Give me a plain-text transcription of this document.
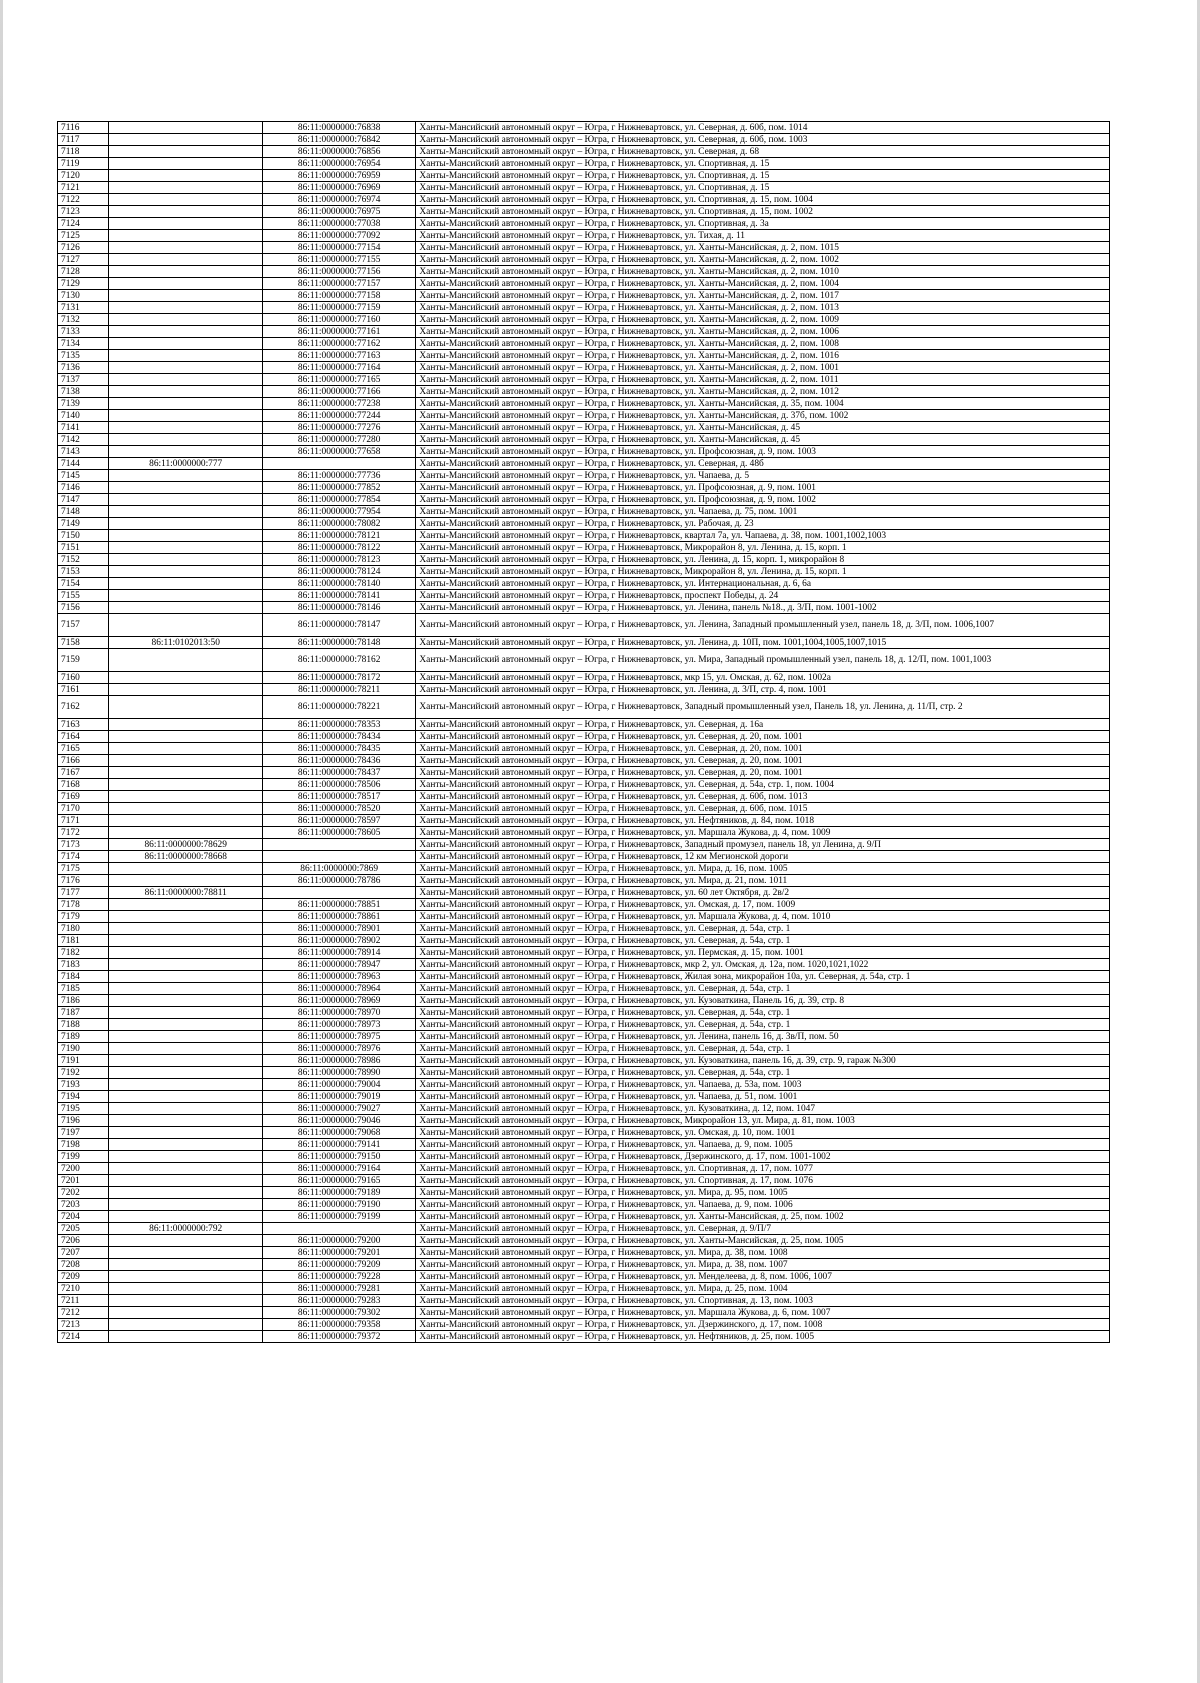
7116		86:11:0000000:76838	Ханты-Мансийский автономный округ – Югра, г Нижневартовск, ул. Северная, д. 60б, пом. 1014
7117		86:11:0000000:76842	Ханты-Мансийский автономный округ – Югра, г Нижневартовск, ул. Северная, д. 60б, пом. 1003
7118		86:11:0000000:76856	Ханты-Мансийский автономный округ – Югра, г Нижневартовск, ул. Северная, д. 68
7119		86:11:0000000:76954	Ханты-Мансийский автономный округ – Югра, г Нижневартовск, ул. Спортивная, д. 15
7120		86:11:0000000:76959	Ханты-Мансийский автономный округ – Югра, г Нижневартовск, ул. Спортивная, д. 15
7121		86:11:0000000:76969	Ханты-Мансийский автономный округ – Югра, г Нижневартовск, ул. Спортивная, д. 15
7122		86:11:0000000:76974	Ханты-Мансийский автономный округ – Югра, г Нижневартовск, ул. Спортивная, д. 15, пом. 1004
7123		86:11:0000000:76975	Ханты-Мансийский автономный округ – Югра, г Нижневартовск, ул. Спортивная, д. 15, пом. 1002
7124		86:11:0000000:77038	Ханты-Мансийский автономный округ – Югра, г Нижневартовск, ул. Спортивная, д. 3а
7125		86:11:0000000:77092	Ханты-Мансийский автономный округ – Югра, г Нижневартовск, ул. Тихая, д. 11
7126		86:11:0000000:77154	Ханты-Мансийский автономный округ – Югра, г Нижневартовск, ул. Ханты-Мансийская, д. 2, пом. 1015
7127		86:11:0000000:77155	Ханты-Мансийский автономный округ – Югра, г Нижневартовск, ул. Ханты-Мансийская, д. 2, пом. 1002
7128		86:11:0000000:77156	Ханты-Мансийский автономный округ – Югра, г Нижневартовск, ул. Ханты-Мансийская, д. 2, пом. 1010
7129		86:11:0000000:77157	Ханты-Мансийский автономный округ – Югра, г Нижневартовск, ул. Ханты-Мансийская, д. 2, пом. 1004
7130		86:11:0000000:77158	Ханты-Мансийский автономный округ – Югра, г Нижневартовск, ул. Ханты-Мансийская, д. 2, пом. 1017
7131		86:11:0000000:77159	Ханты-Мансийский автономный округ – Югра, г Нижневартовск, ул. Ханты-Мансийская, д. 2, пом. 1013
7132		86:11:0000000:77160	Ханты-Мансийский автономный округ – Югра, г Нижневартовск, ул. Ханты-Мансийская, д. 2, пом. 1009
7133		86:11:0000000:77161	Ханты-Мансийский автономный округ – Югра, г Нижневартовск, ул. Ханты-Мансийская, д. 2, пом. 1006
7134		86:11:0000000:77162	Ханты-Мансийский автономный округ – Югра, г Нижневартовск, ул. Ханты-Мансийская, д. 2, пом. 1008
7135		86:11:0000000:77163	Ханты-Мансийский автономный округ – Югра, г Нижневартовск, ул. Ханты-Мансийская, д. 2, пом. 1016
7136		86:11:0000000:77164	Ханты-Мансийский автономный округ – Югра, г Нижневартовск, ул. Ханты-Мансийская, д. 2, пом. 1001
7137		86:11:0000000:77165	Ханты-Мансийский автономный округ – Югра, г Нижневартовск, ул. Ханты-Мансийская, д. 2, пом. 1011
7138		86:11:0000000:77166	Ханты-Мансийский автономный округ – Югра, г Нижневартовск, ул. Ханты-Мансийская, д. 2, пом. 1012
7139		86:11:0000000:77238	Ханты-Мансийский автономный округ – Югра, г Нижневартовск, ул. Ханты-Мансийская, д. 35, пом. 1004
7140		86:11:0000000:77244	Ханты-Мансийский автономный округ – Югра, г Нижневартовск, ул. Ханты-Мансийская, д. 37б, пом. 1002
7141		86:11:0000000:77276	Ханты-Мансийский автономный округ – Югра, г Нижневартовск, ул. Ханты-Мансийская, д. 45
7142		86:11:0000000:77280	Ханты-Мансийский автономный округ – Югра, г Нижневартовск, ул. Ханты-Мансийская, д. 45
7143		86:11:0000000:77658	Ханты-Мансийский автономный округ – Югра, г Нижневартовск, ул. Профсоюзная, д. 9, пом. 1003
7144	86:11:0000000:777		Ханты-Мансийский автономный округ – Югра, г Нижневартовск, ул. Северная, д. 48б
7145		86:11:0000000:77736	Ханты-Мансийский автономный округ – Югра, г Нижневартовск, ул. Чапаева, д. 5
7146		86:11:0000000:77852	Ханты-Мансийский автономный округ – Югра, г Нижневартовск, ул. Профсоюзная, д. 9, пом. 1001
7147		86:11:0000000:77854	Ханты-Мансийский автономный округ – Югра, г Нижневартовск, ул. Профсоюзная, д. 9, пом. 1002
7148		86:11:0000000:77954	Ханты-Мансийский автономный округ – Югра, г Нижневартовск, ул. Чапаева, д. 75, пом. 1001
7149		86:11:0000000:78082	Ханты-Мансийский автономный округ – Югра, г Нижневартовск, ул. Рабочая, д. 23
7150		86:11:0000000:78121	Ханты-Мансийский автономный округ – Югра, г Нижневартовск, квартал 7а, ул. Чапаева, д. 38, пом. 1001,1002,1003
7151		86:11:0000000:78122	Ханты-Мансийский автономный округ – Югра, г Нижневартовск, Микрорайон 8, ул. Ленина, д. 15, корп. 1
7152		86:11:0000000:78123	Ханты-Мансийский автономный округ – Югра, г Нижневартовск, ул. Ленина, д. 15, корп. 1, микрорайон 8
7153		86:11:0000000:78124	Ханты-Мансийский автономный округ – Югра, г Нижневартовск, Микрорайон 8, ул. Ленина, д. 15, корп. 1
7154		86:11:0000000:78140	Ханты-Мансийский автономный округ – Югра, г Нижневартовск, ул. Интернациональная, д. 6, 6а
7155		86:11:0000000:78141	Ханты-Мансийский автономный округ – Югра, г Нижневартовск, проспект Победы, д. 24
7156		86:11:0000000:78146	Ханты-Мансийский автономный округ – Югра, г Нижневартовск, ул. Ленина, панель №18., д. 3/П, пом. 1001-1002
7157		86:11:0000000:78147	Ханты-Мансийский автономный округ – Югра, г Нижневартовск, ул. Ленина, Западный промышленный узел, панель 18, д. 3/П, пом. 1006,1007
7158	86:11:0102013:50	86:11:0000000:78148	Ханты-Мансийский автономный округ – Югра, г Нижневартовск, ул. Ленина, д. 10П, пом. 1001,1004,1005,1007,1015
7159		86:11:0000000:78162	Ханты-Мансийский автономный округ – Югра, г Нижневартовск, ул. Мира, Западный промышленный узел, панель 18, д. 12/П, пом. 1001,1003
7160		86:11:0000000:78172	Ханты-Мансийский автономный округ – Югра, г Нижневартовск, мкр 15, ул. Омская, д. 62, пом. 1002а
7161		86:11:0000000:78211	Ханты-Мансийский автономный округ – Югра, г Нижневартовск, ул. Ленина, д. 3/П, стр. 4, пом. 1001
7162		86:11:0000000:78221	Ханты-Мансийский автономный округ – Югра, г Нижневартовск, Западный промышленный узел, Панель 18, ул. Ленина, д. 11/П, стр. 2
7163		86:11:0000000:78353	Ханты-Мансийский автономный округ – Югра, г Нижневартовск, ул. Северная, д. 16а
7164		86:11:0000000:78434	Ханты-Мансийский автономный округ – Югра, г Нижневартовск, ул. Северная, д. 20, пом. 1001
7165		86:11:0000000:78435	Ханты-Мансийский автономный округ – Югра, г Нижневартовск, ул. Северная, д. 20, пом. 1001
7166		86:11:0000000:78436	Ханты-Мансийский автономный округ – Югра, г Нижневартовск, ул. Северная, д. 20, пом. 1001
7167		86:11:0000000:78437	Ханты-Мансийский автономный округ – Югра, г Нижневартовск, ул. Северная, д. 20, пом. 1001
7168		86:11:0000000:78506	Ханты-Мансийский автономный округ – Югра, г Нижневартовск, ул. Северная, д. 54а, стр. 1, пом. 1004
7169		86:11:0000000:78517	Ханты-Мансийский автономный округ – Югра, г Нижневартовск, ул. Северная, д. 60б, пом. 1013
7170		86:11:0000000:78520	Ханты-Мансийский автономный округ – Югра, г Нижневартовск, ул. Северная, д. 60б, пом. 1015
7171		86:11:0000000:78597	Ханты-Мансийский автономный округ – Югра, г Нижневартовск, ул. Нефтяников, д. 84, пом. 1018
7172		86:11:0000000:78605	Ханты-Мансийский автономный округ – Югра, г Нижневартовск, ул. Маршала Жукова, д. 4, пом. 1009
7173	86:11:0000000:78629		Ханты-Мансийский автономный округ – Югра, г Нижневартовск, Западный промузел, панель 18, ул Ленина, д. 9/П
7174	86:11:0000000:78668		Ханты-Мансийский автономный округ – Югра, г Нижневартовск, 12 км Мегионской дороги
7175		86:11:0000000:7869	Ханты-Мансийский автономный округ – Югра, г Нижневартовск, ул. Мира, д. 16, пом. 1005
7176		86:11:0000000:78786	Ханты-Мансийский автономный округ – Югра, г Нижневартовск, ул. Мира, д. 21, пом. 1011
7177	86:11:0000000:78811		Ханты-Мансийский автономный округ – Югра, г Нижневартовск, ул. 60 лет Октября, д. 2в/2
7178		86:11:0000000:78851	Ханты-Мансийский автономный округ – Югра, г Нижневартовск, ул. Омская, д. 17, пом. 1009
7179		86:11:0000000:78861	Ханты-Мансийский автономный округ – Югра, г Нижневартовск, ул. Маршала Жукова, д. 4, пом. 1010
7180		86:11:0000000:78901	Ханты-Мансийский автономный округ – Югра, г Нижневартовск, ул. Северная, д. 54а, стр. 1
7181		86:11:0000000:78902	Ханты-Мансийский автономный округ – Югра, г Нижневартовск, ул. Северная, д. 54а, стр. 1
7182		86:11:0000000:78914	Ханты-Мансийский автономный округ – Югра, г Нижневартовск, ул. Пермская, д. 15, пом. 1001
7183		86:11:0000000:78947	Ханты-Мансийский автономный округ – Югра, г Нижневартовск, мкр 2, ул. Омская, д. 12а, пом. 1020,1021,1022
7184		86:11:0000000:78963	Ханты-Мансийский автономный округ – Югра, г Нижневартовск, Жилая зона, микрорайон 10а, ул. Северная, д. 54а, стр. 1
7185		86:11:0000000:78964	Ханты-Мансийский автономный округ – Югра, г Нижневартовск, ул. Северная, д. 54а, стр. 1
7186		86:11:0000000:78969	Ханты-Мансийский автономный округ – Югра, г Нижневартовск, ул. Кузоваткина, Панель 16, д. 39, стр. 8
7187		86:11:0000000:78970	Ханты-Мансийский автономный округ – Югра, г Нижневартовск, ул. Северная, д. 54а, стр. 1
7188		86:11:0000000:78973	Ханты-Мансийский автономный округ – Югра, г Нижневартовск, ул. Северная, д. 54а, стр. 1
7189		86:11:0000000:78975	Ханты-Мансийский автономный округ – Югра, г Нижневартовск, ул. Ленина, панель 16, д. 3в/П, пом. 50
7190		86:11:0000000:78976	Ханты-Мансийский автономный округ – Югра, г Нижневартовск, ул. Северная, д. 54а, стр. 1
7191		86:11:0000000:78986	Ханты-Мансийский автономный округ – Югра, г Нижневартовск, ул. Кузоваткина, панель 16, д. 39, стр. 9, гараж №300
7192		86:11:0000000:78990	Ханты-Мансийский автономный округ – Югра, г Нижневартовск, ул. Северная, д. 54а, стр. 1
7193		86:11:0000000:79004	Ханты-Мансийский автономный округ – Югра, г Нижневартовск, ул. Чапаева, д. 53а, пом. 1003
7194		86:11:0000000:79019	Ханты-Мансийский автономный округ – Югра, г Нижневартовск, ул. Чапаева, д. 51, пом. 1001
7195		86:11:0000000:79027	Ханты-Мансийский автономный округ – Югра, г Нижневартовск, ул. Кузоваткина, д. 12, пом. 1047
7196		86:11:0000000:79046	Ханты-Мансийский автономный округ – Югра, г Нижневартовск, Микрорайон 13, ул. Мира, д. 81, пом. 1003
7197		86:11:0000000:79068	Ханты-Мансийский автономный округ – Югра, г Нижневартовск, ул. Омская, д. 10, пом. 1001
7198		86:11:0000000:79141	Ханты-Мансийский автономный округ – Югра, г Нижневартовск, ул. Чапаева, д. 9, пом. 1005
7199		86:11:0000000:79150	Ханты-Мансийский автономный округ – Югра, г Нижневартовск, Дзержинского, д. 17, пом. 1001-1002
7200		86:11:0000000:79164	Ханты-Мансийский автономный округ – Югра, г Нижневартовск, ул. Спортивная, д. 17, пом. 1077
7201		86:11:0000000:79165	Ханты-Мансийский автономный округ – Югра, г Нижневартовск, ул. Спортивная, д. 17, пом. 1076
7202		86:11:0000000:79189	Ханты-Мансийский автономный округ – Югра, г Нижневартовск, ул. Мира, д. 95, пом. 1005
7203		86:11:0000000:79190	Ханты-Мансийский автономный округ – Югра, г Нижневартовск, ул. Чапаева, д. 9, пом. 1006
7204		86:11:0000000:79199	Ханты-Мансийский автономный округ – Югра, г Нижневартовск, ул. Ханты-Мансийская, д. 25, пом. 1002
7205	86:11:0000000:792		Ханты-Мансийский автономный округ – Югра, г Нижневартовск, ул. Северная, д. 9/П/7
7206		86:11:0000000:79200	Ханты-Мансийский автономный округ – Югра, г Нижневартовск, ул. Ханты-Мансийская, д. 25, пом. 1005
7207		86:11:0000000:79201	Ханты-Мансийский автономный округ – Югра, г Нижневартовск, ул. Мира, д. 38, пом. 1008
7208		86:11:0000000:79209	Ханты-Мансийский автономный округ – Югра, г Нижневартовск, ул. Мира, д. 38, пом. 1007
7209		86:11:0000000:79228	Ханты-Мансийский автономный округ – Югра, г Нижневартовск, ул. Менделеева, д. 8, пом. 1006, 1007
7210		86:11:0000000:79281	Ханты-Мансийский автономный округ – Югра, г Нижневартовск, ул. Мира, д. 25, пом. 1004
7211		86:11:0000000:79283	Ханты-Мансийский автономный округ – Югра, г Нижневартовск, ул. Спортивная, д. 13, пом. 1003
7212		86:11:0000000:79302	Ханты-Мансийский автономный округ – Югра, г Нижневартовск, ул. Маршала Жукова, д. 6, пом. 1007
7213		86:11:0000000:79358	Ханты-Мансийский автономный округ – Югра, г Нижневартовск, ул. Дзержинского, д. 17, пом. 1008
7214		86:11:0000000:79372	Ханты-Мансийский автономный округ – Югра, г Нижневартовск, ул. Нефтяников, д. 25, пом. 1005
